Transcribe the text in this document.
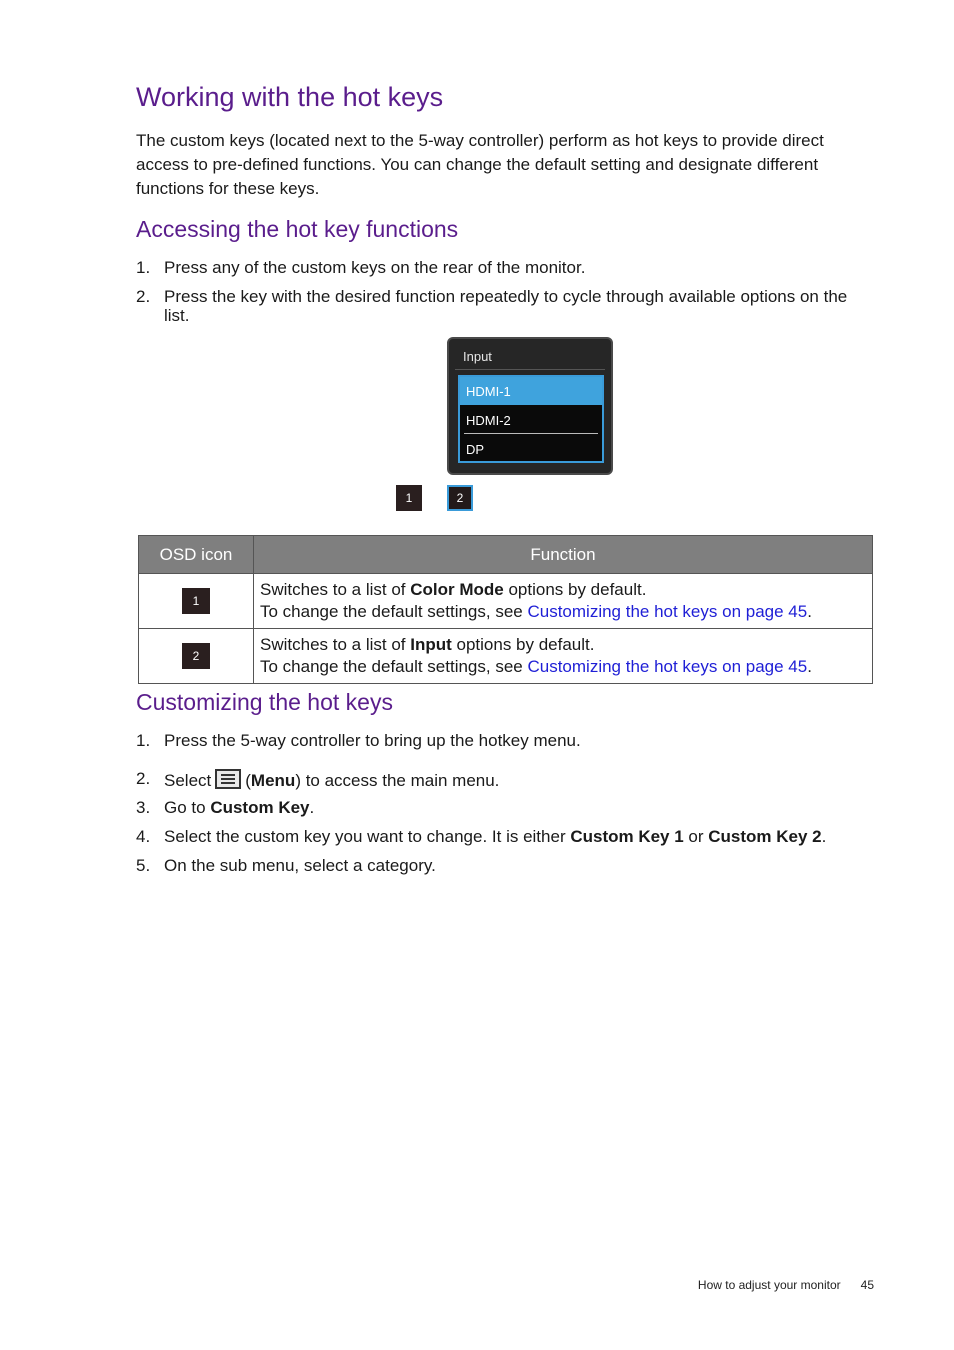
Working with the hot keys

The custom keys (located next to the 5-way controller) perform as hot keys to provide direct access to pre-defined functions. You can change the default setting and designate different functions for these keys.

Accessing the hot key functions
1. Press any of the custom keys on the rear of the monitor.
2. Press the key with the desired function repeatedly to cycle through available options on the list.
Input
HDMI-1
HDMI-2
DP
1	2
OSD icon	Function
1	Switches to a list of Color Mode options by default.
To change the default settings, see Customizing the hot keys on page 45.

2	Switches to a list of Input options by default.
To change the default settings, see Customizing the hot keys on page 45.
Customizing the hot keys
1. Press the 5-way controller to bring up the hotkey menu.
2. Select (Menu) to access the main menu.
3. Go to Custom Key.
4. Select the custom key you want to change. It is either Custom Key 1 or Custom Key 2.
5. On the sub menu, select a category.
How to adjust your monitor 45
